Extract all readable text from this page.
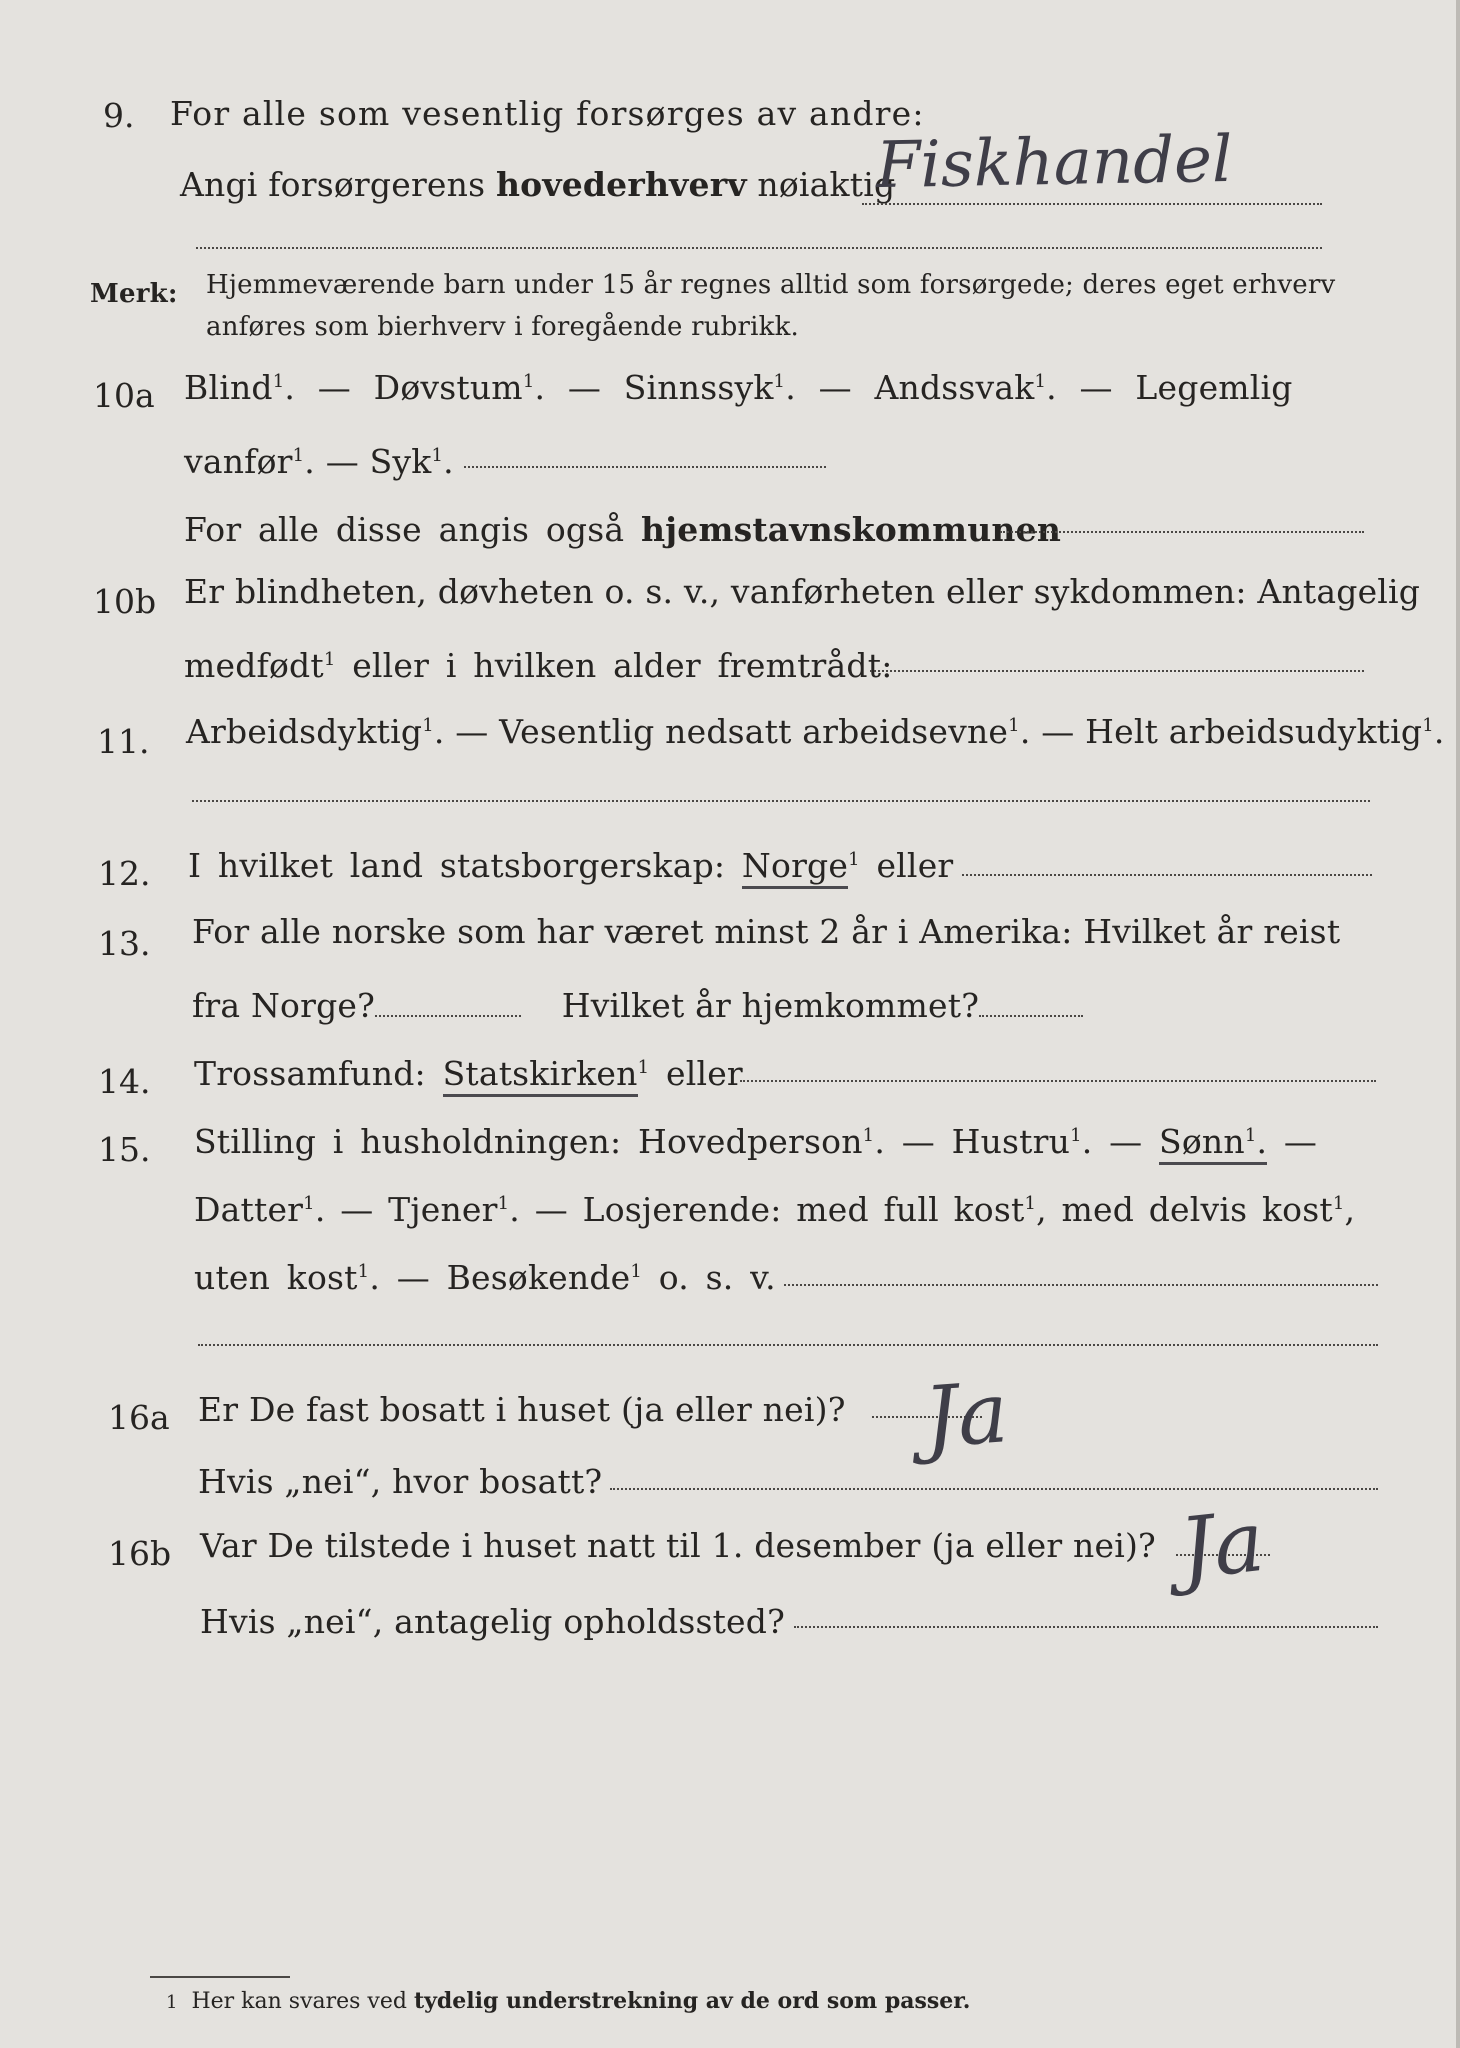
9. For alle som vesentlig forsørges av andre:
Angi forsørgerens hovederhverv nøiaktig
Fiskhandel
Merk: Hjemmeværende barn under 15 år regnes alltid som forsørgede; deres eget erhverv
anføres som bierhverv i foregående rubrikk.
10a Blind$^1$. — Døvstum$^1$. — Sinnssyk$^1$. — Andssvak$^1$. — Legemlig
vanfør$^1$. — Syk$^1$.
For alle disse angis også hjemstavnskommunen
10b Er blindheten, døvheten o. s. v., vanførheten eller sykdommen: Antagelig
medfødt$^1$ eller i hvilken alder fremtrådt:
11. Arbeidsdyktig$^1$. — Vesentlig nedsatt arbeidsevne$^1$. — Helt arbeidsudyktig$^1$.
12. I hvilket land statsborgerskap: Norge$^1$ eller
13. For alle norske som har været minst 2 år i Amerika: Hvilket år reist
fra Norge?	Hvilket år hjemkommet?
14. Trossamfund: Statskirken$^1$ eller
15. Stilling i husholdningen: Hovedperson$^1$. — Hustru$^1$. — Sønn$^1$. —
Datter$^1$. — Tjener$^1$. — Losjerende: med full kost$^1$, med delvis kost$^1$,
uten kost$^1$. — Besøkende$^1$ o. s. v.
16a Er De fast bosatt i huset (ja eller nei)? Ja
Hvis „nei“, hvor bosatt?
16b Var De tilstede i huset natt til 1. desember (ja eller nei)? Ja
Hvis „nei“, antagelig opholdssted?
1 Her kan svares ved tydelig understrekning av de ord som passer.
